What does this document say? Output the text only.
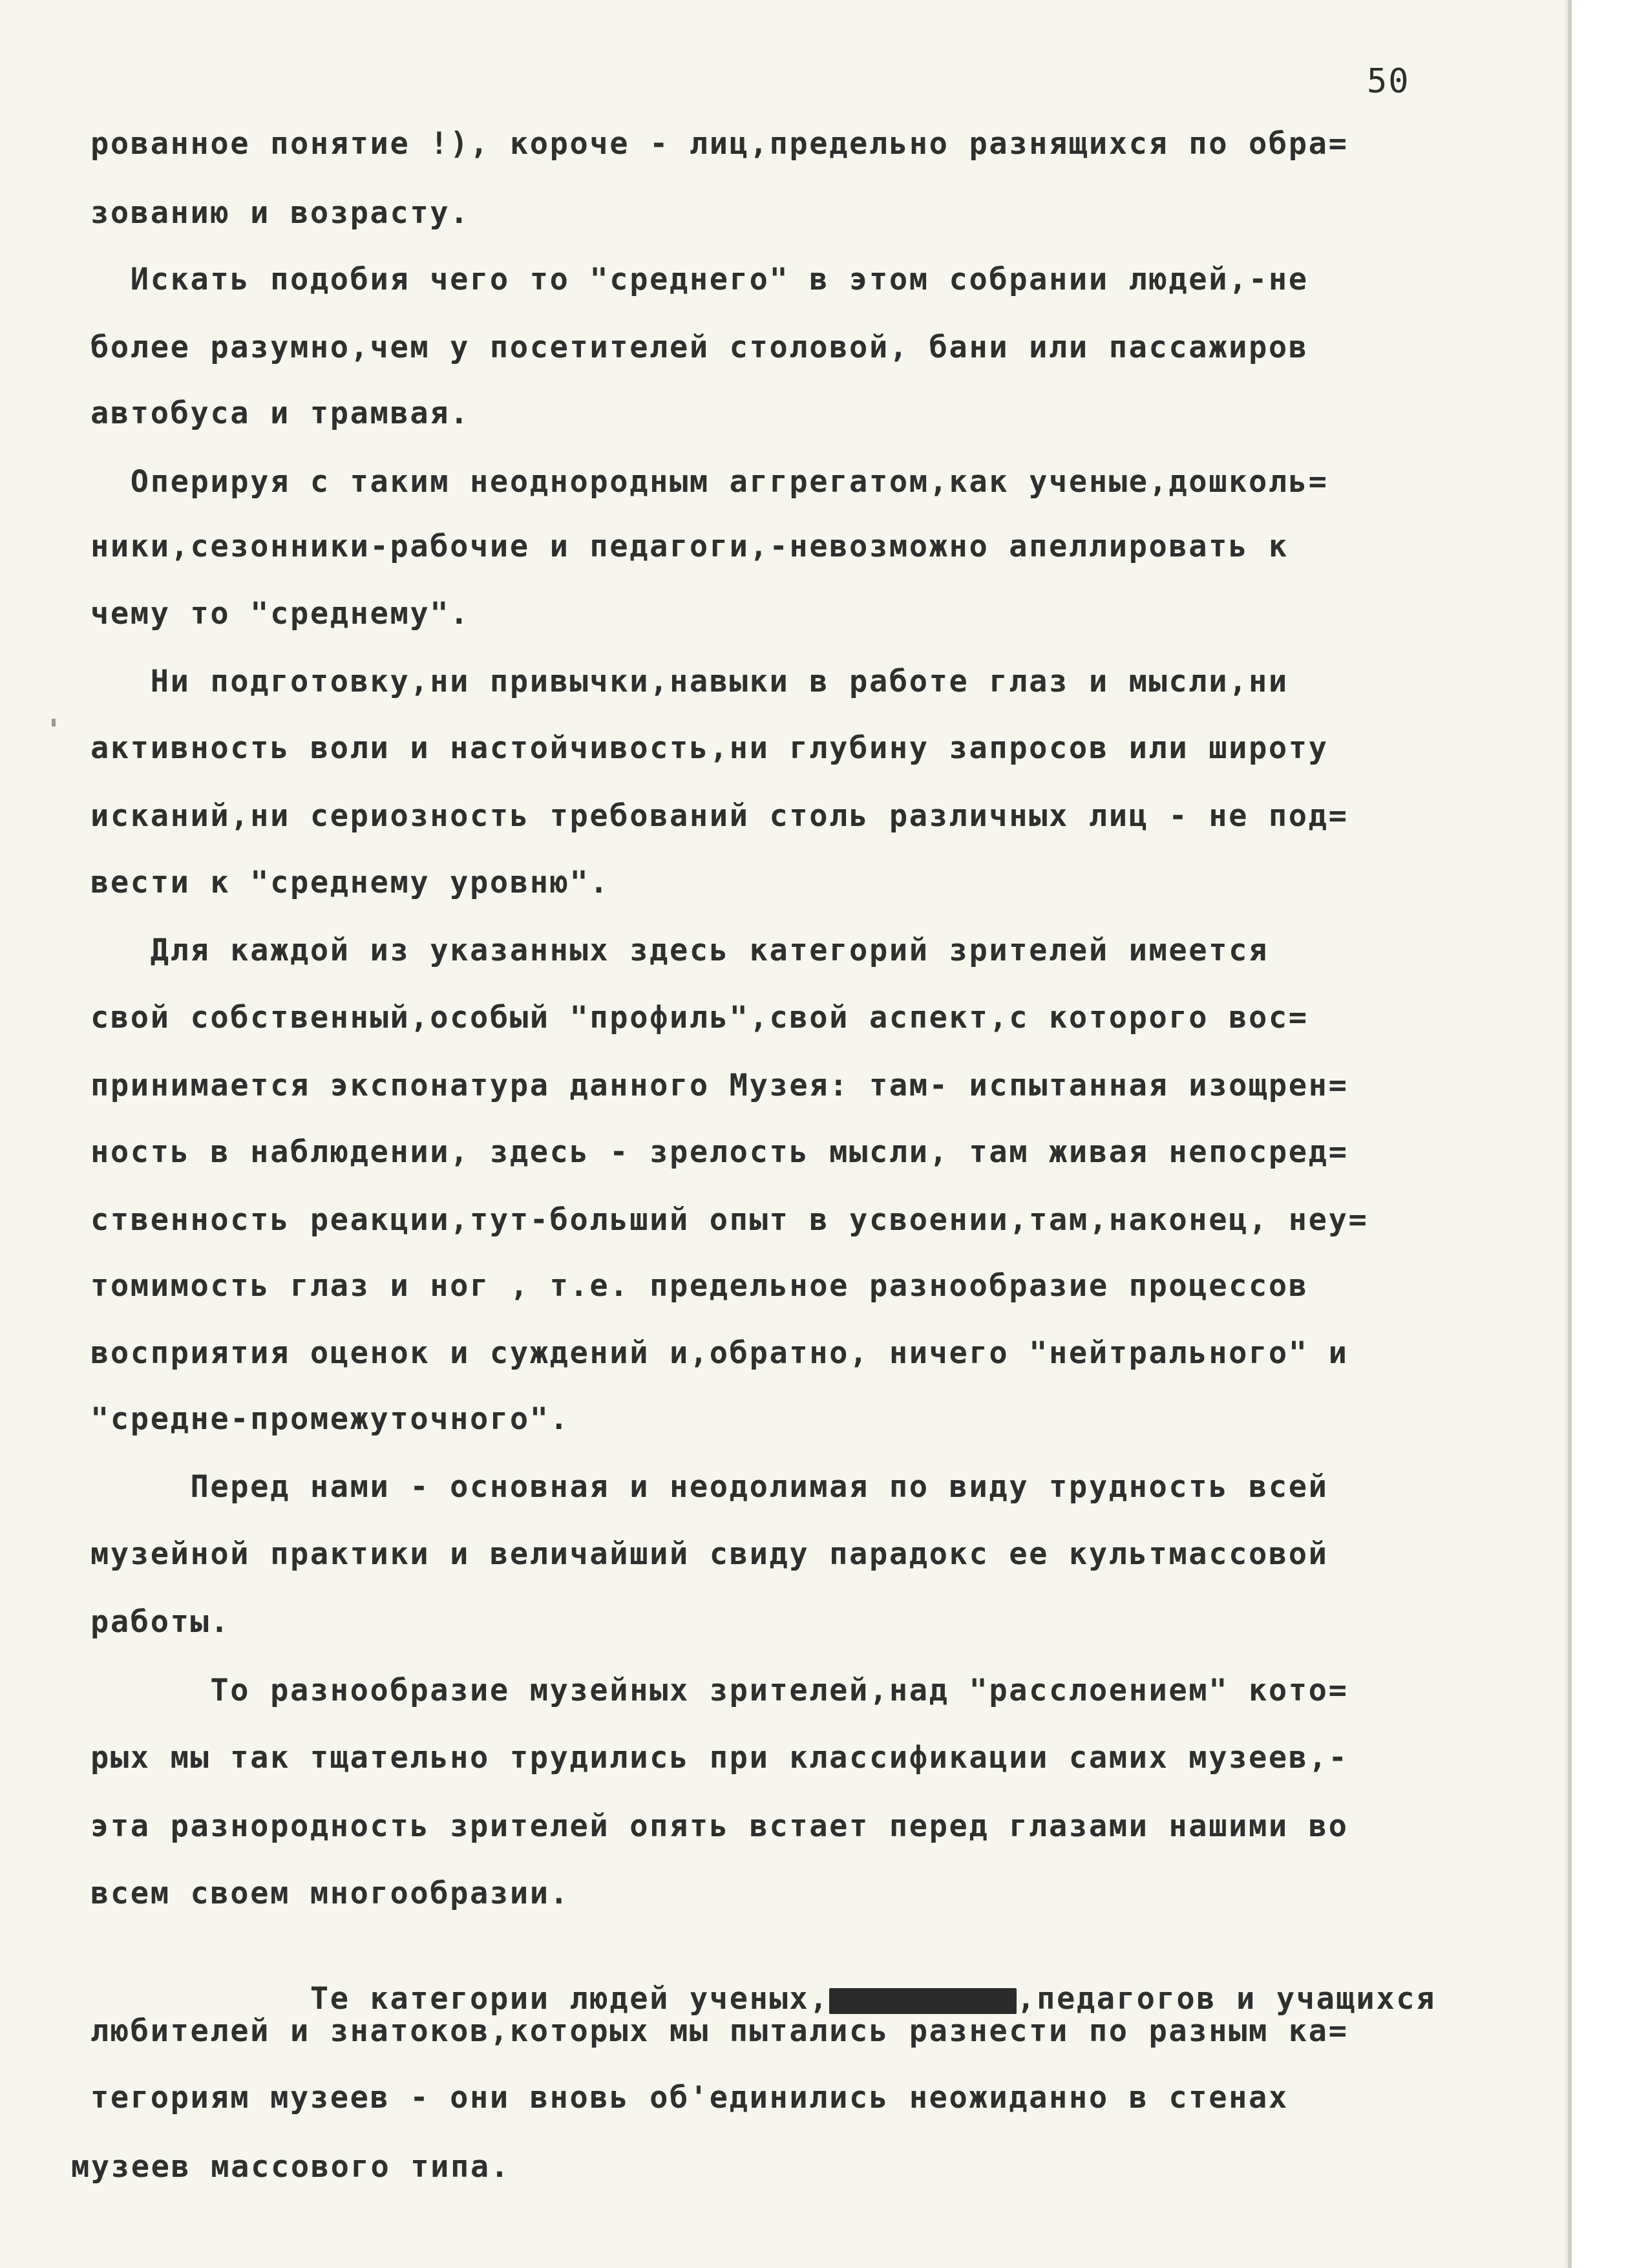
50
рованное понятие !), короче - лиц,предельно разнящихся по обра=
зованию и возрасту.
Искать подобия чего то "среднего" в этом собрании людей,-не
более разумно,чем у посетителей столовой, бани или пассажиров
автобуса и трамвая.
Оперируя с таким неоднородным аггрегатом,как ученые,дошколь=
ники,сезонники-рабочие и педагоги,-невозможно апеллировать к
чему то "среднему".
Ни подготовку,ни привычки,навыки в работе глаз и мысли,ни
активность воли и настойчивость,ни глубину запросов или широту
исканий,ни сериозность требований столь различных лиц - не под=
вести к "среднему уровню".
Для каждой из указанных здесь категорий зрителей имеется
свой собственный,особый "профиль",свой аспект,с которого вос=
принимается экспонатура данного Музея: там- испытанная изощрен=
ность в наблюдении, здесь - зрелость мысли, там живая непосред=
ственность реакции,тут-больший опыт в усвоении,там,наконец, неу=
томимость глаз и ног , т.е. предельное разнообразие процессов
восприятия оценок и суждений и,обратно, ничего "нейтрального" и
"средне-промежуточного".
Перед нами - основная и неодолимая по виду трудность всей
музейной практики и величайший свиду парадокс ее культмассовой
работы.
То разнообразие музейных зрителей,над "расслоением" кото=
рых мы так тщательно трудились при классификации самих музеев,-
эта разнородность зрителей опять встает перед глазами нашими во
всем своем многообразии.

Те категории людей ученых,	,педагогов и учащихся

любителей и знатоков,которых мы пытались разнести по разным ка=
тегориям музеев - они вновь об'единились неожиданно в стенах
музеев массового типа.
